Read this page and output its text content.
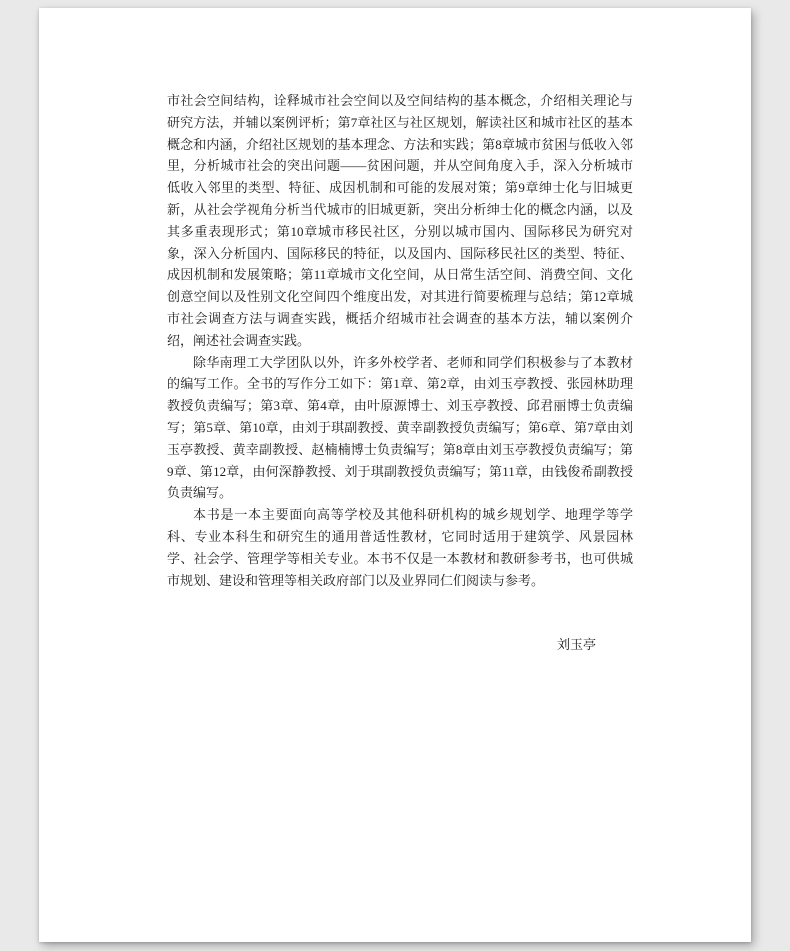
市社会空间结构，诠释城市社会空间以及空间结构的基本概念，介绍相关理论与研究方法，并辅以案例评析；第7章社区与社区规划，解读社区和城市社区的基本概念和内涵，介绍社区规划的基本理念、方法和实践；第8章城市贫困与低收入邻里，分析城市社会的突出问题——贫困问题，并从空间角度入手，深入分析城市低收入邻里的类型、特征、成因机制和可能的发展对策；第9章绅士化与旧城更新，从社会学视角分析当代城市的旧城更新，突出分析绅士化的概念内涵，以及其多重表现形式；第10章城市移民社区，分别以城市国内、国际移民为研究对象，深入分析国内、国际移民的特征，以及国内、国际移民社区的类型、特征、成因机制和发展策略；第11章城市文化空间，从日常生活空间、消费空间、文化创意空间以及性别文化空间四个维度出发，对其进行简要梳理与总结；第12章城市社会调查方法与调查实践，概括介绍城市社会调查的基本方法，辅以案例介绍，阐述社会调查实践。

除华南理工大学团队以外，许多外校学者、老师和同学们积极参与了本教材的编写工作。全书的写作分工如下：第1章、第2章，由刘玉亭教授、张园林助理教授负责编写；第3章、第4章，由叶原源博士、刘玉亭教授、邱君丽博士负责编写；第5章、第10章，由刘于琪副教授、黄幸副教授负责编写；第6章、第7章由刘玉亭教授、黄幸副教授、赵楠楠博士负责编写；第8章由刘玉亭教授负责编写；第9章、第12章，由何深静教授、刘于琪副教授负责编写；第11章，由钱俊希副教授负责编写。

本书是一本主要面向高等学校及其他科研机构的城乡规划学、地理学等学科、专业本科生和研究生的通用普适性教材，它同时适用于建筑学、风景园林学、社会学、管理学等相关专业。本书不仅是一本教材和教研参考书，也可供城市规划、建设和管理等相关政府部门以及业界同仁们阅读与参考。

刘玉亭
